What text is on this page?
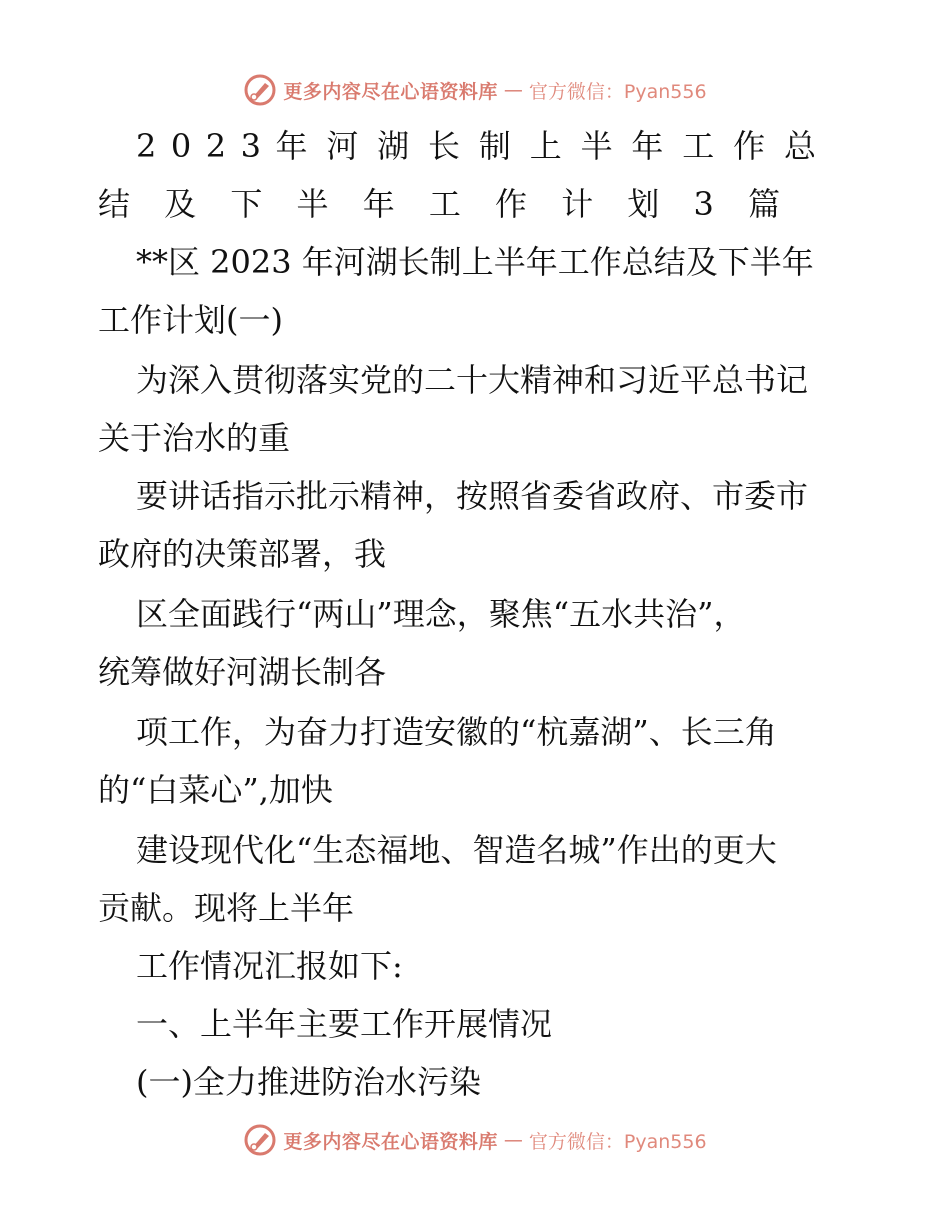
更多内容尽在心语资料库 — 官方微信：Pyan556
2 0 2 3 年 河 湖 长 制 上 半 年 工 作 总
结 及 下 半 年 工 作 计 划 3 篇
**区 2023 年河湖长制上半年工作总结及下半年
工作计划(一)
为深入贯彻落实党的二十大精神和习近平总书记
关于治水的重
要讲话指示批示精神，按照省委省政府、市委市
政府的决策部署，我
区全面践行“两山”理念，聚焦“五水共治”，
统筹做好河湖长制各
项工作，为奋力打造安徽的“杭嘉湖”、长三角
的“白菜心”,加快
建设现代化“生态福地、智造名城”作出的更大
贡献。现将上半年
工作情况汇报如下:
一、上半年主要工作开展情况
(一)全力推进防治水污染
更多内容尽在心语资料库 — 官方微信：Pyan556
